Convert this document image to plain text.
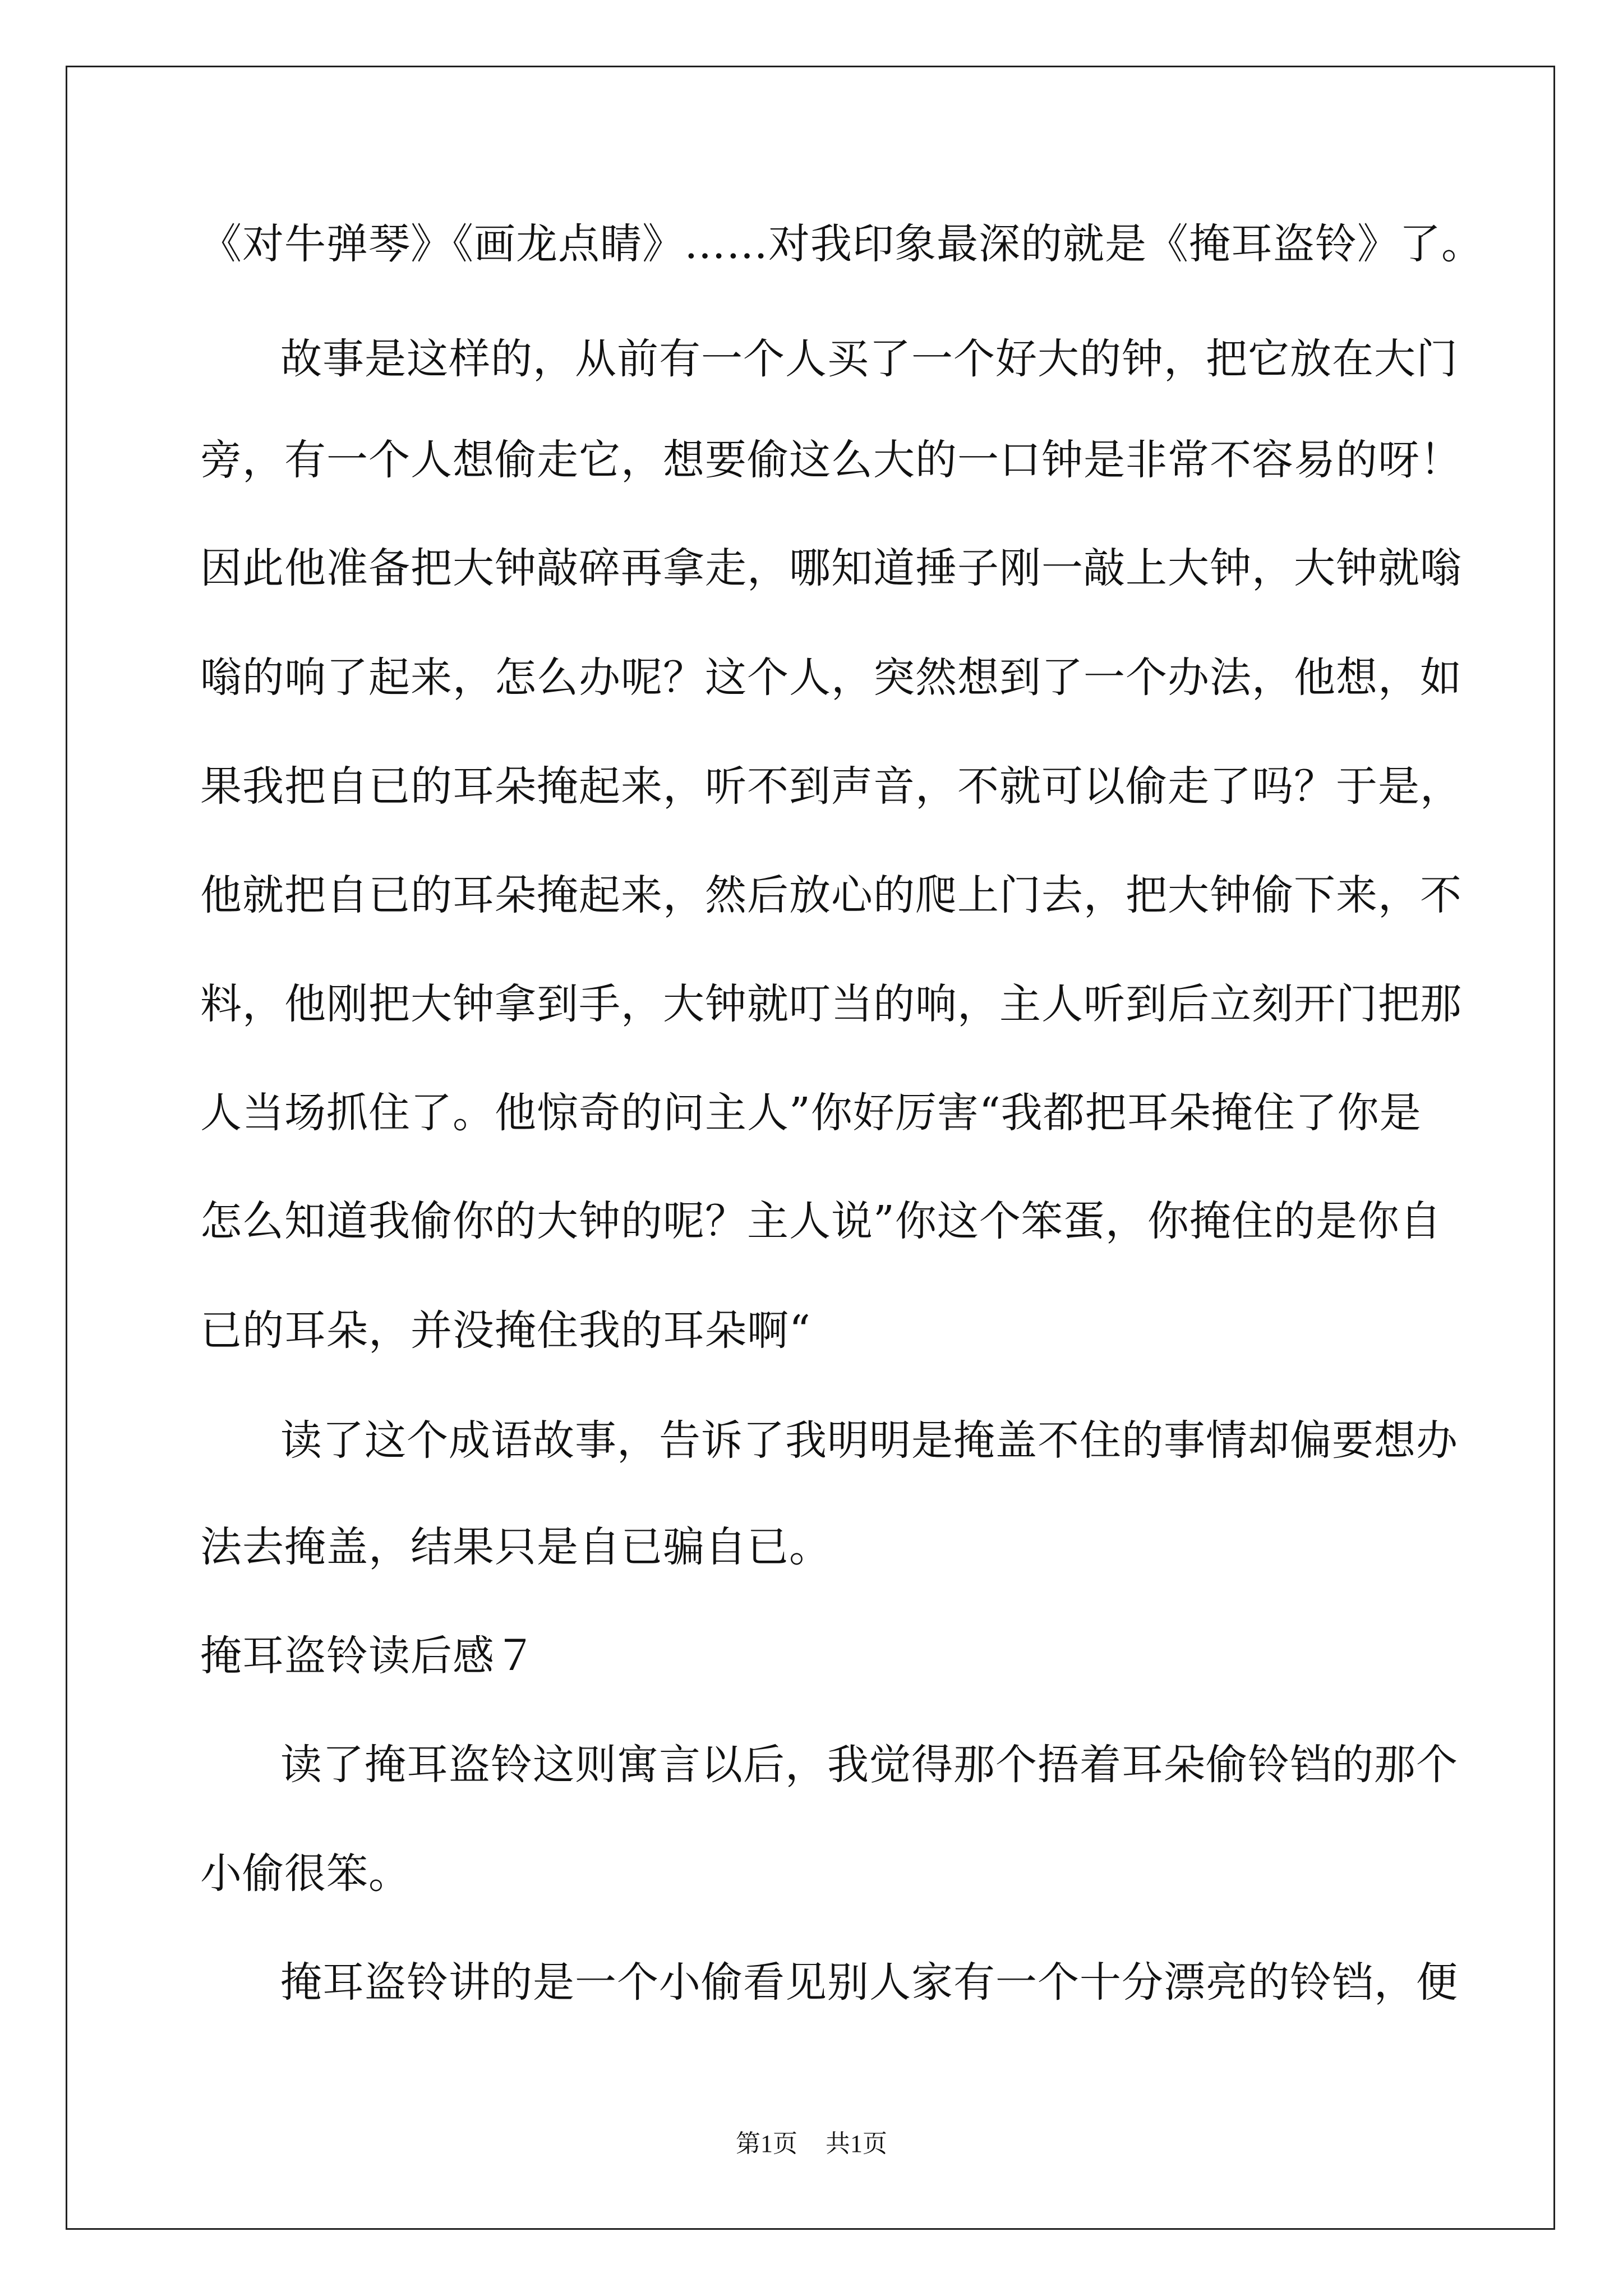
《对牛弹琴》《画龙点睛》……对我印象最深的就是《掩耳盗铃》了。
故事是这样的，从前有一个人买了一个好大的钟，把它放在大门
旁，有一个人想偷走它，想要偷这么大的一口钟是非常不容易的呀！
因此他准备把大钟敲碎再拿走，哪知道捶子刚一敲上大钟，大钟就嗡
嗡的响了起来，怎么办呢？这个人，突然想到了一个办法，他想，如
果我把自已的耳朵掩起来，听不到声音，不就可以偷走了吗？于是，
他就把自已的耳朵掩起来，然后放心的爬上门去，把大钟偷下来，不
料，他刚把大钟拿到手，大钟就叮当的响，主人听到后立刻开门把那
人当场抓住了。他惊奇的问主人”你好厉害“我都把耳朵掩住了你是
怎么知道我偷你的大钟的呢？主人说”你这个笨蛋，你掩住的是你自
已的耳朵，并没掩住我的耳朵啊“
读了这个成语故事，告诉了我明明是掩盖不住的事情却偏要想办
法去掩盖，结果只是自已骗自已。
掩耳盗铃读后感７
读了掩耳盗铃这则寓言以后，我觉得那个捂着耳朵偷铃铛的那个
小偷很笨。
掩耳盗铃讲的是一个小偷看见别人家有一个十分漂亮的铃铛，便
第1页 共1页
